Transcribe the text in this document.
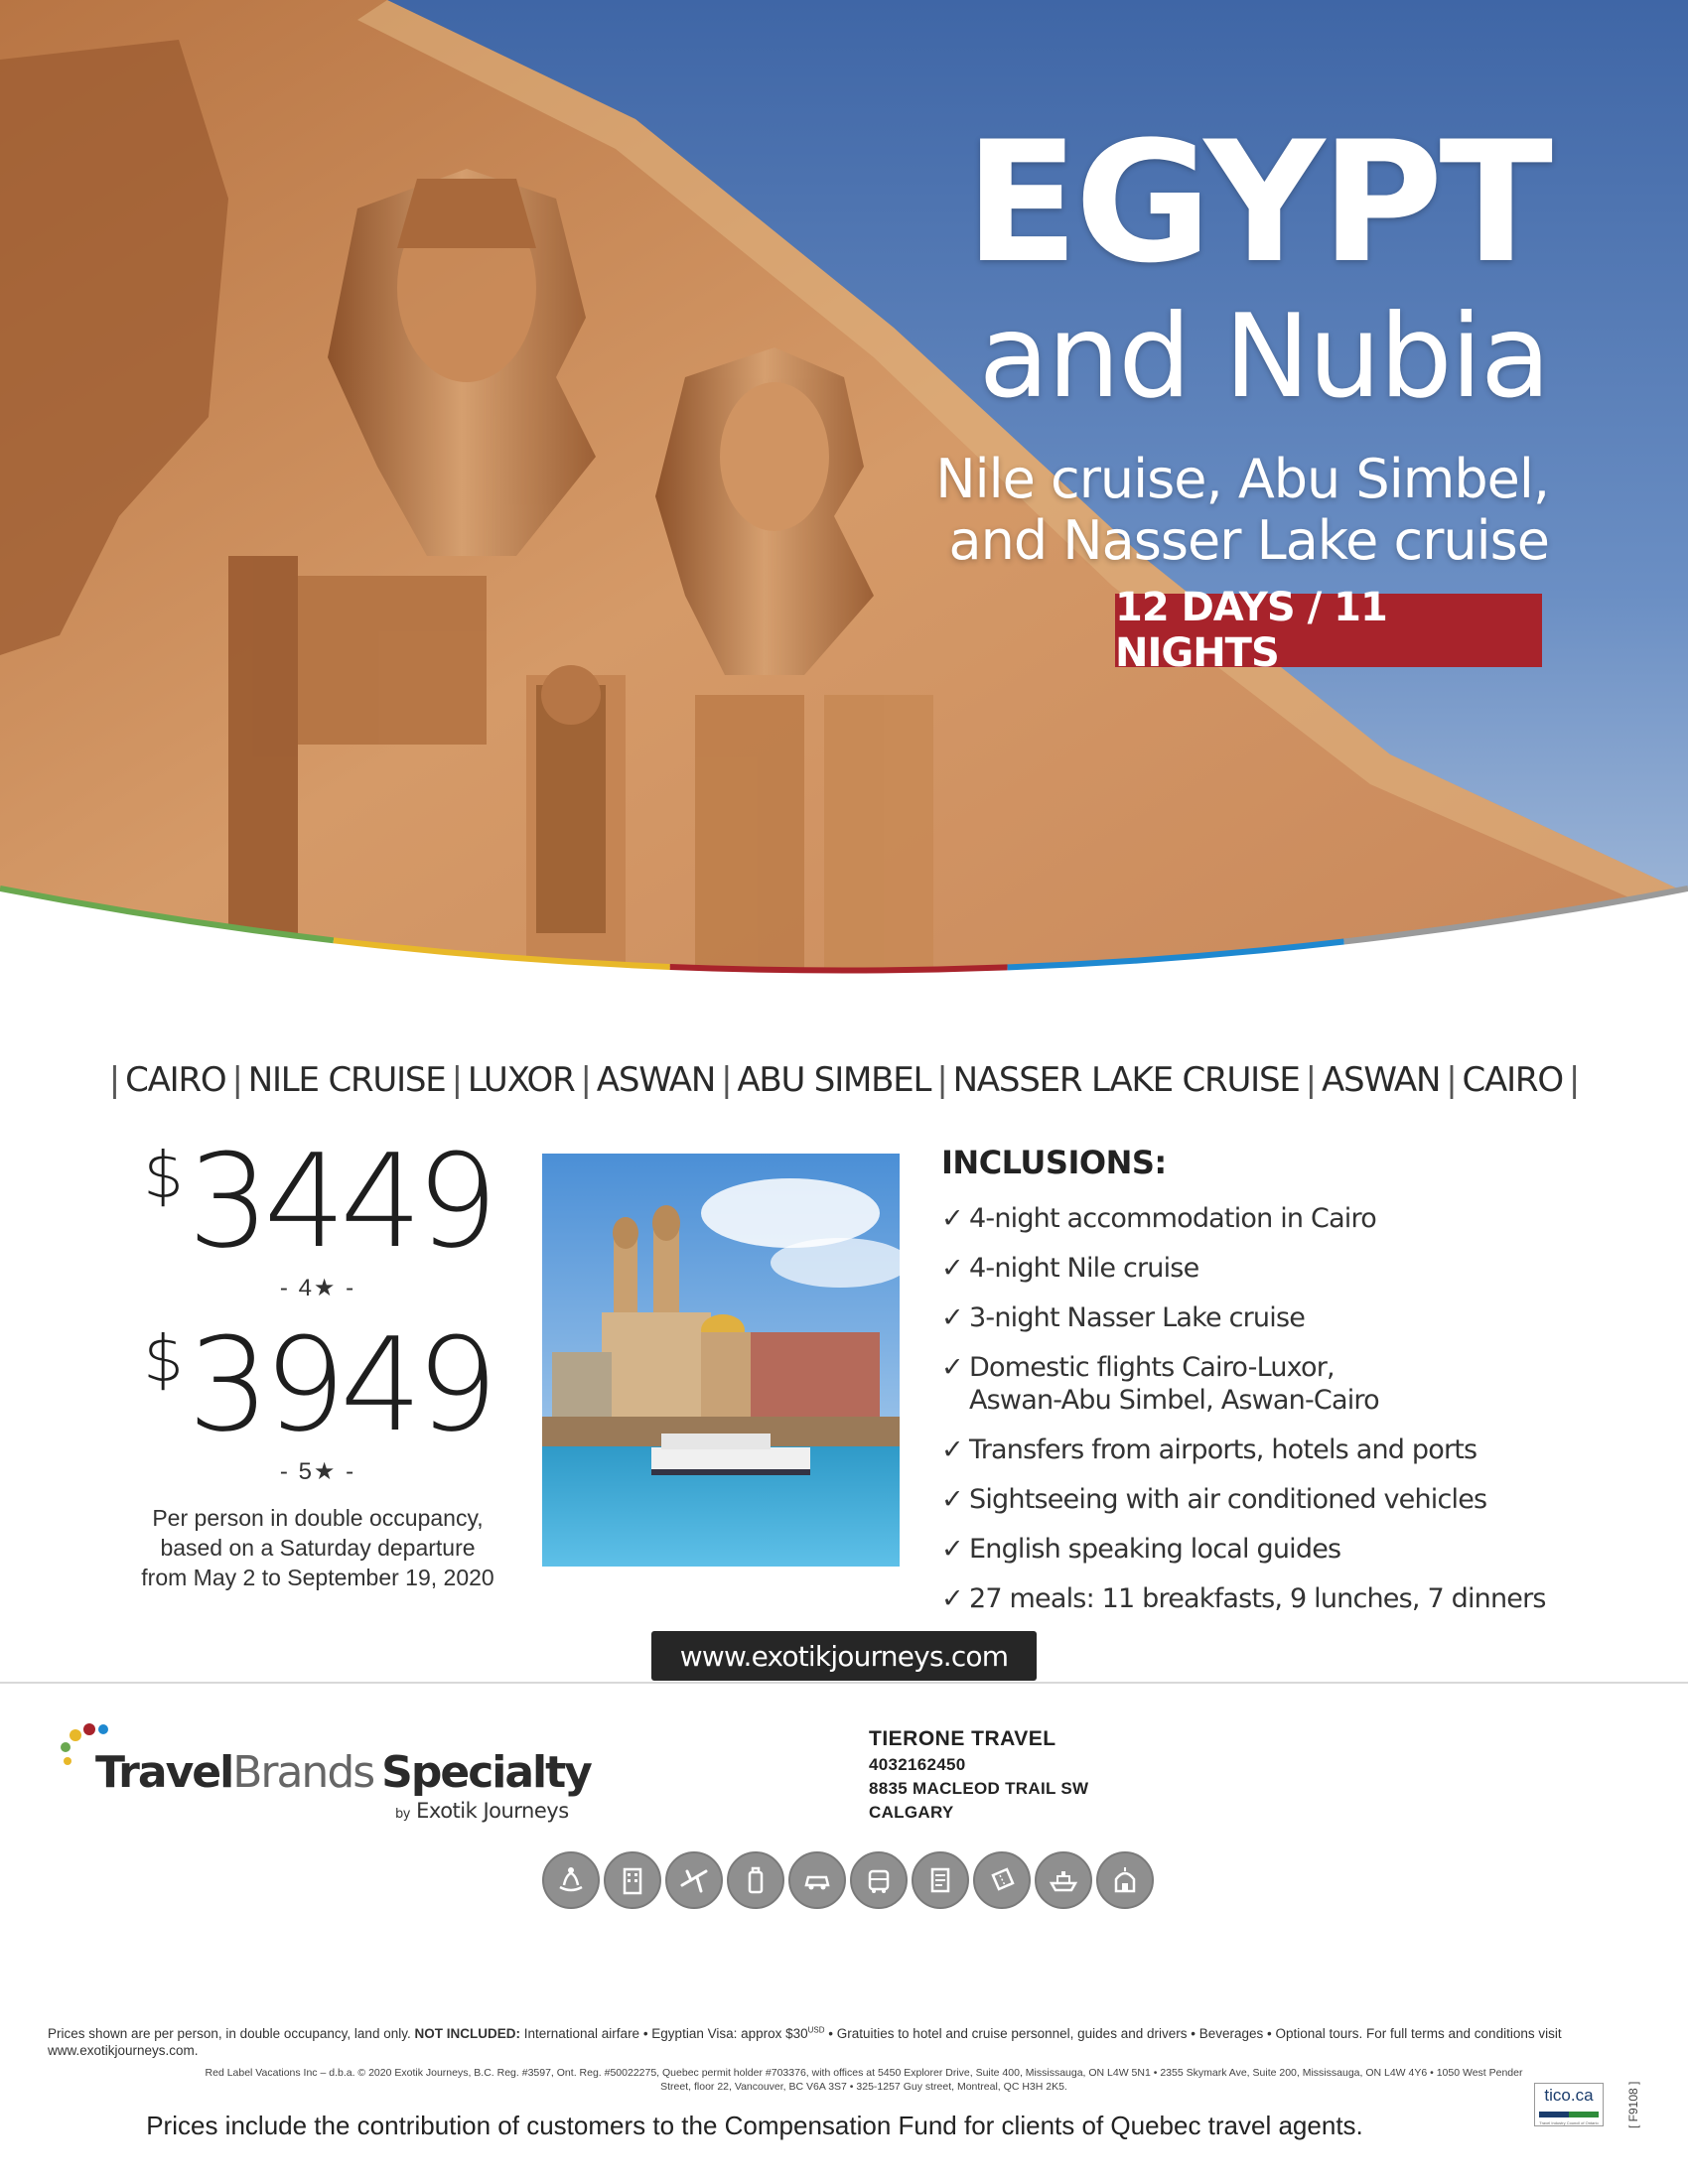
EGYPT
and Nubia
Nile cruise, Abu Simbel,
and Nasser Lake cruise
12 DAYS / 11 NIGHTS
| CAIRO | NILE CRUISE | LUXOR | ASWAN | ABU SIMBEL | NASSER LAKE CRUISE | ASWAN | CAIRO |
$3449
- 4★ -
$3949
- 5★ -
Per person in double occupancy,
based on a Saturday departure
from May 2 to September 19, 2020
INCLUSIONS:
✓ 4-night accommodation in Cairo
✓ 4-night Nile cruise
✓ 3-night Nasser Lake cruise
✓ Domestic flights Cairo-Luxor, Aswan-Abu Simbel, Aswan-Cairo
✓ Transfers from airports, hotels and ports
✓ Sightseeing with air conditioned vehicles
✓ English speaking local guides
✓ 27 meals: 11 breakfasts, 9 lunches, 7 dinners
www.exotikjourneys.com
TravelBrands Specialty
by Exotik Journeys
TIERONE TRAVEL
4032162450
8835 MACLEOD TRAIL SW
CALGARY
Prices shown are per person, in double occupancy, land only. NOT INCLUDED: International airfare • Egyptian Visa: approx $\$30^{USD}$ • Gratuities to hotel and cruise personnel, guides and drivers • Beverages • Optional tours. For full terms and conditions visit www.exotikjourneys.com.
Red Label Vacations Inc – d.b.a. © 2020 Exotik Journeys, B.C. Reg. #3597, Ont. Reg. #50022275, Quebec permit holder #703376, with offices at 5450 Explorer Drive, Suite 400, Mississauga, ON L4W 5N1 • 2355 Skymark Ave, Suite 200, Mississauga, ON L4W 4Y6 • 1050 West Pender Street, floor 22, Vancouver, BC V6A 3S7 • 325-1257 Guy street, Montreal, QC H3H 2K5.
Prices include the contribution of customers to the Compensation Fund for clients of Quebec travel agents.
tico.ca
Travel Industry Council of Ontario [ F9108 ]
